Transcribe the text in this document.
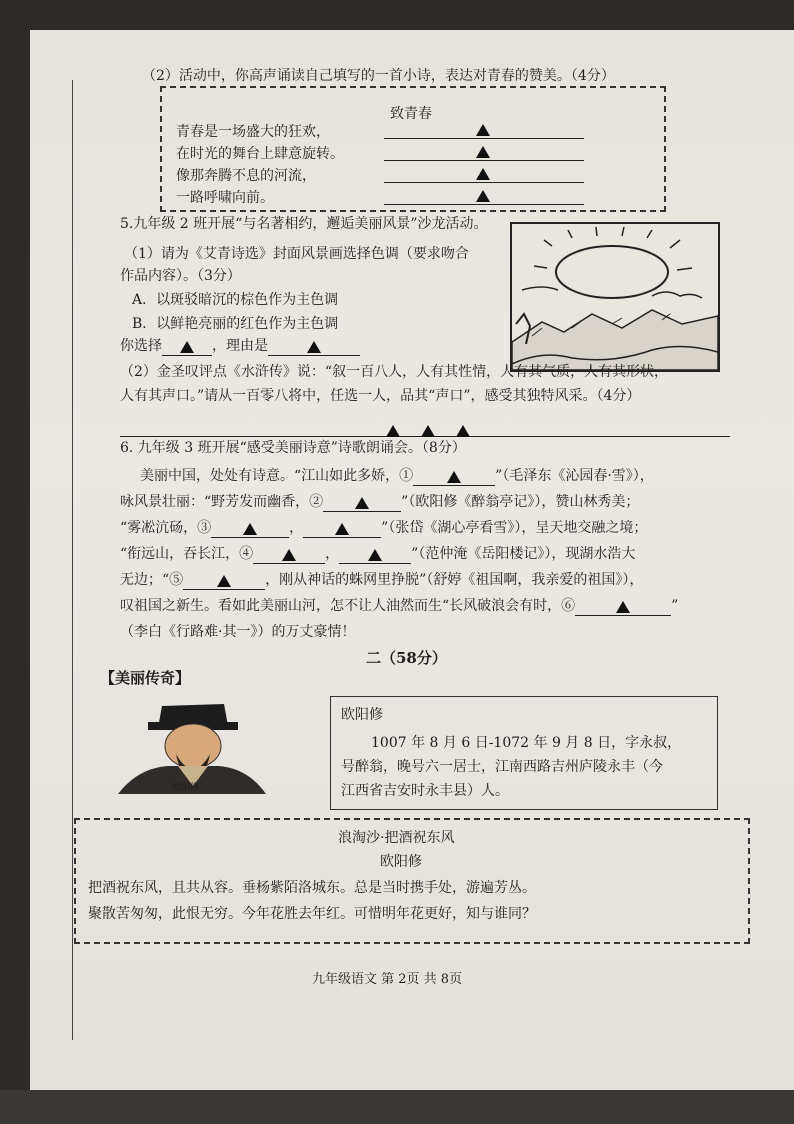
（2）活动中，你高声诵读自己填写的一首小诗，表达对青春的赞美。（4分）
致青春
青春是一场盛大的狂欢，
在时光的舞台上肆意旋转。
像那奔腾不息的河流，
一路呼啸向前。
5.九年级 2 班开展“与名著相约，邂逅美丽风景”沙龙活动。
（1）请为《艾青诗选》封面风景画选择色调（要求吻合
作品内容）。（3分）
A．以斑驳暗沉的棕色作为主色调
B．以鲜艳亮丽的红色作为主色调
你选择	，理由是
（2）金圣叹评点《水浒传》说：“叙一百八人，人有其性情，人有其气质，人有其形状，
人有其声口。”请从一百零八将中，任选一人，品其“声口”，感受其独特风采。（4分）

6. 九年级 3 班开展“感受美丽诗意”诗歌朗诵会。（8分）
美丽中国，处处有诗意。“江山如此多娇，①	”（毛泽东《沁园春·雪》），
咏风景壮丽：“野芳发而幽香，②	”（欧阳修《醉翁亭记》），赞山林秀美；
“雾凇沆砀，③	，	”（张岱《湖心亭看雪》），呈天地交融之境；
“衔远山，吞长江，④	，	”（范仲淹《岳阳楼记》），现湖水浩大
无边；“⑤	，刚从神话的蛛网里挣脱”（舒婷《祖国啊，我亲爱的祖国》），
叹祖国之新生。看如此美丽山河，怎不让人油然而生“长风破浪会有时，⑥	”
（李白《行路难·其一》）的万丈豪情！
二（58分）
【美丽传奇】
欧阳修
欧阳修
1007 年 8 月 6 日-1072 年 9 月 8 日，字永叔，
号醉翁，晚号六一居士，江南西路吉州庐陵永丰（今
江西省吉安时永丰县）人。
浪淘沙·把酒祝东风
欧阳修
把酒祝东风，且共从容。垂杨紫陌洛城东。总是当时携手处，游遍芳丛。
聚散苦匆匆，此恨无穷。今年花胜去年红。可惜明年花更好，知与谁同？
九年级语文 第 2页 共 8页
